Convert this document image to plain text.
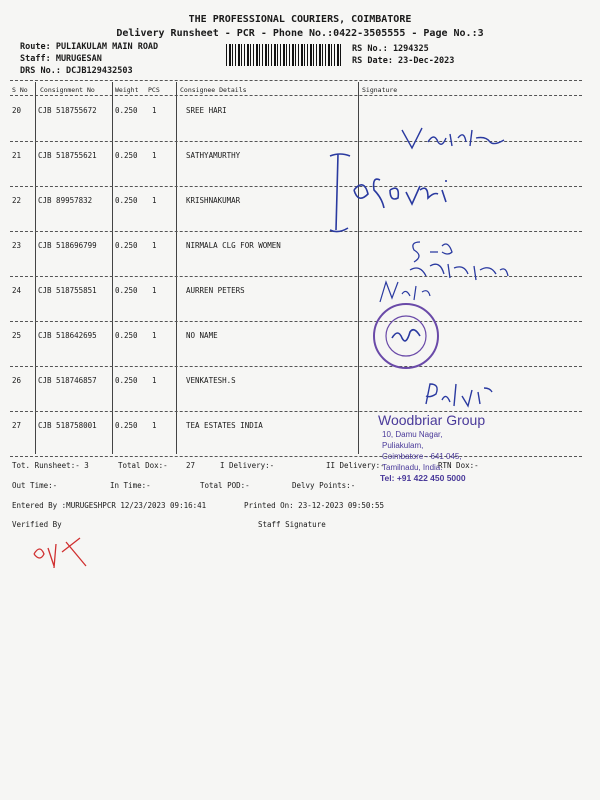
THE PROFESSIONAL COURIERS, COIMBATORE
Delivery Runsheet - PCR - Phone No.:0422-3505555 - Page No.:3
Route: PULIAKULAM MAIN ROAD
Staff: MURUGESAN
DRS No.: DCJB129432503
RS No.: 1294325
RS Date: 23-Dec-2023
S No Consignment No	Weight PCS	Consignee Details	Signature
20 CJB 518755672 0.250 1	SREE HARI
21 CJB 518755621 0.250 1	SATHYAMURTHY
22 CJB 89957832	0.250 1	KRISHNAKUMAR
23 CJB 518696799 0.250 1	NIRMALA CLG FOR WOMEN
24 CJB 518755851 0.250 1	AURREN PETERS
25 CJB 518642695 0.250 1	NO NAME
26 CJB 518746857 0.250 1	VENKATESH.S
27 CJB 518758001 0.250 1	TEA ESTATES INDIA
Tot. Runsheet:- 3	Total Dox:- 27	I Delivery:-	II Delivery:-	RTN Dox:-
Out Time:-	In Time:-	Total POD:-	Delvy Points:-
Entered By :MURUGESHPCR 12/23/2023 09:16:41	Printed On: 23-12-2023 09:50:55
Verified By	Staff Signature
Woodbriar Group
10, Damu Nagar,
Puliakulam,
Coimbatore - 641 045,
Tamilnadu, India.
Tel: +91 422 450 5000
